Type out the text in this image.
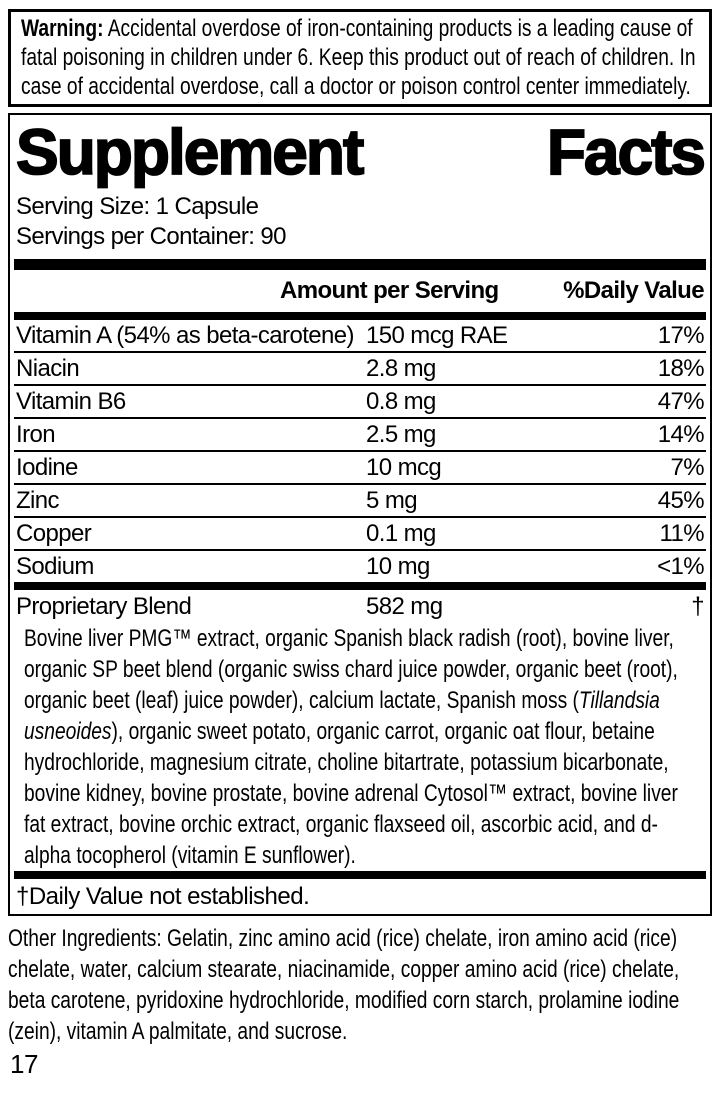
Warning: Accidental overdose of iron-containing products is a leading cause of fatal poisoning in children under 6. Keep this product out of reach of children. In case of accidental overdose, call a doctor or poison control center immediately.

Supplement	Facts

Serving Size: 1 Capsule

Servings per Container: 90

Amount per Serving	%Daily Value
Vitamin A (54% as beta-carotene) 150 mcg RAE	17%
Niacin	2.8 mg	18%
Vitamin B6	0.8 mg	47%
Iron	2.5 mg	14%
Iodine	10 mcg	7%
Zinc	5 mg	45%
Copper	0.1 mg	11%
Sodium	10 mg	<1%
Proprietary Blend	582 mg	†

Bovine liver PMG™ extract, organic Spanish black radish (root), bovine liver, organic SP beet blend (organic swiss chard juice powder, organic beet (root), organic beet (leaf) juice powder), calcium lactate, Spanish moss (Tillandsia usneoides), organic sweet potato, organic carrot, organic oat flour, betaine hydrochloride, magnesium citrate, choline bitartrate, potassium bicarbonate, bovine kidney, bovine prostate, bovine adrenal Cytosol™ extract, bovine liver fat extract, bovine orchic extract, organic flaxseed oil, ascorbic acid, and d-alpha tocopherol (vitamin E sunflower).

†Daily Value not established.

Other Ingredients: Gelatin, zinc amino acid (rice) chelate, iron amino acid (rice) chelate, water, calcium stearate, niacinamide, copper amino acid (rice) chelate, beta carotene, pyridoxine hydrochloride, modified corn starch, prolamine iodine (zein), vitamin A palmitate, and sucrose.

17
